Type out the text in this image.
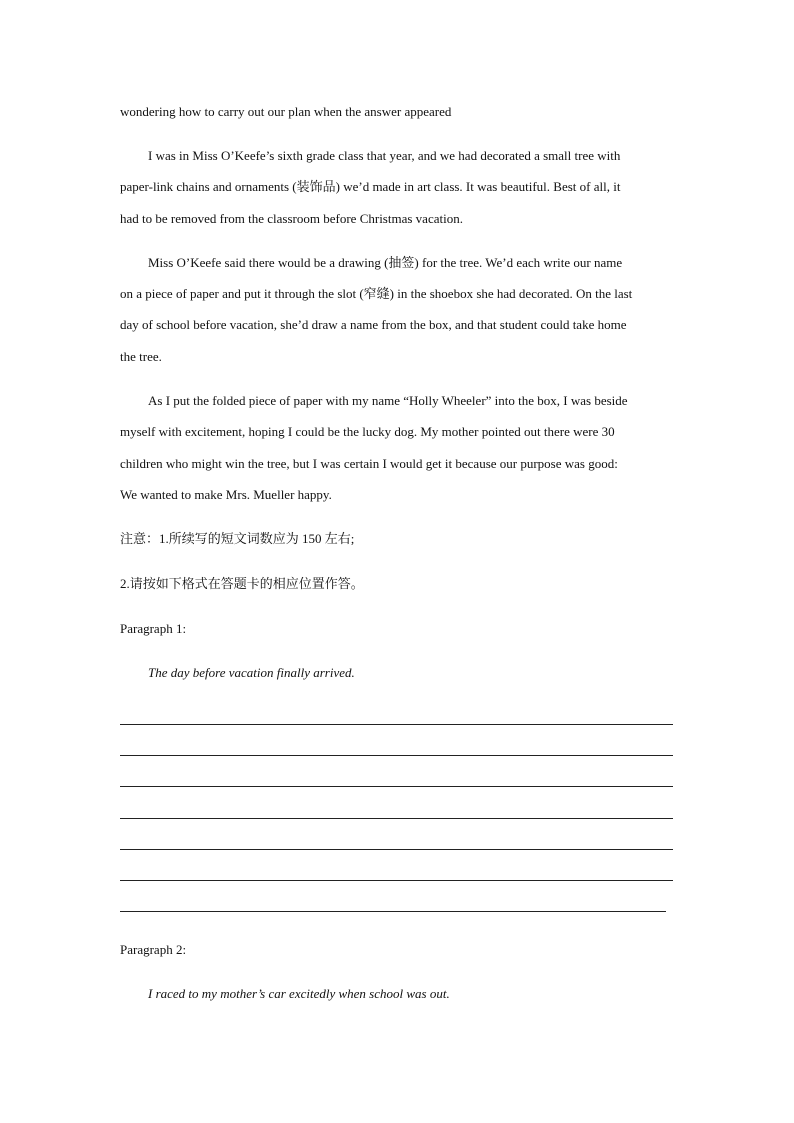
wondering how to carry out our plan when the answer appeared
I was in Miss O’Keefe’s sixth grade class that year, and we had decorated a small tree with
paper-link chains and ornaments (装饰品) we’d made in art class. It was beautiful. Best of all, it
had to be removed from the classroom before Christmas vacation.
Miss O’Keefe said there would be a drawing (抽签) for the tree. We’d each write our name
on a piece of paper and put it through the slot (窄缝) in the shoebox she had decorated. On the last
day of school before vacation, she’d draw a name from the box, and that student could take home
the tree.
As I put the folded piece of paper with my name “Holly Wheeler” into the box, I was beside
myself with excitement, hoping I could be the lucky dog. My mother pointed out there were 30
children who might win the tree, but I was certain I would get it because our purpose was good:
We wanted to make Mrs. Mueller happy.
注意：1.所续写的短文词数应为 150 左右;
2.请按如下格式在答题卡的相应位置作答。
Paragraph 1:
The day before vacation finally arrived.
Paragraph 2:
I raced to my mother’s car excitedly when school was out.
